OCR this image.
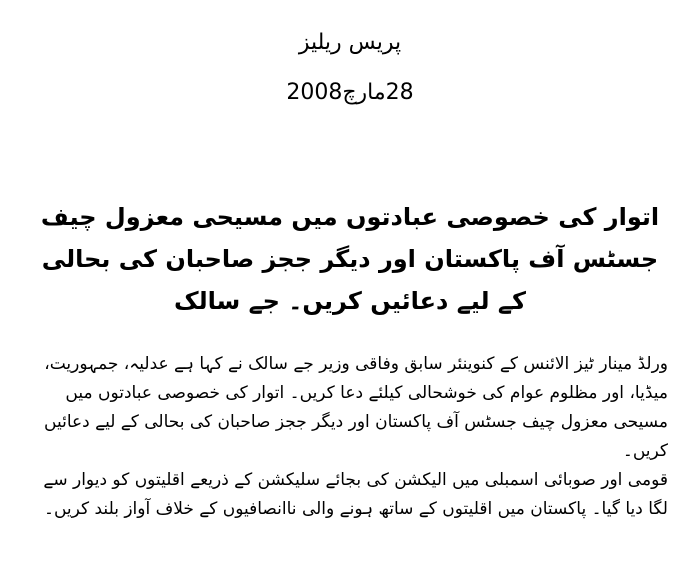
پریس ریلیز
28مارچ2008
اتوار کی خصوصی عبادتوں میں مسیحی معزول چیف جسٹس آف پاکستان اور دیگر ججز صاحبان کی بحالی کے لیے دعائیں کریں۔ جے سالک

ورلڈ مینار ٹیز الائنس کے کنوینئر سابق وفاقی وزیر جے سالک نے کہا ہے عدلیہ، جمہوریت، میڈیا، اور مظلوم عوام کی خوشحالی کیلئے دعا کریں۔ اتوار کی خصوصی عبادتوں میں مسیحی معزول چیف جسٹس آف پاکستان اور دیگر ججز صاحبان کی بحالی کے لیے دعائیں کریں۔

قومی اور صوبائی اسمبلی میں الیکشن کی بجائے سلیکشن کے ذریعے اقلیتوں کو دیوار سے لگا دیا گیا۔ پاکستان میں اقلیتوں کے ساتھ ہونے والی ناانصافیوں کے خلاف آواز بلند کریں۔
